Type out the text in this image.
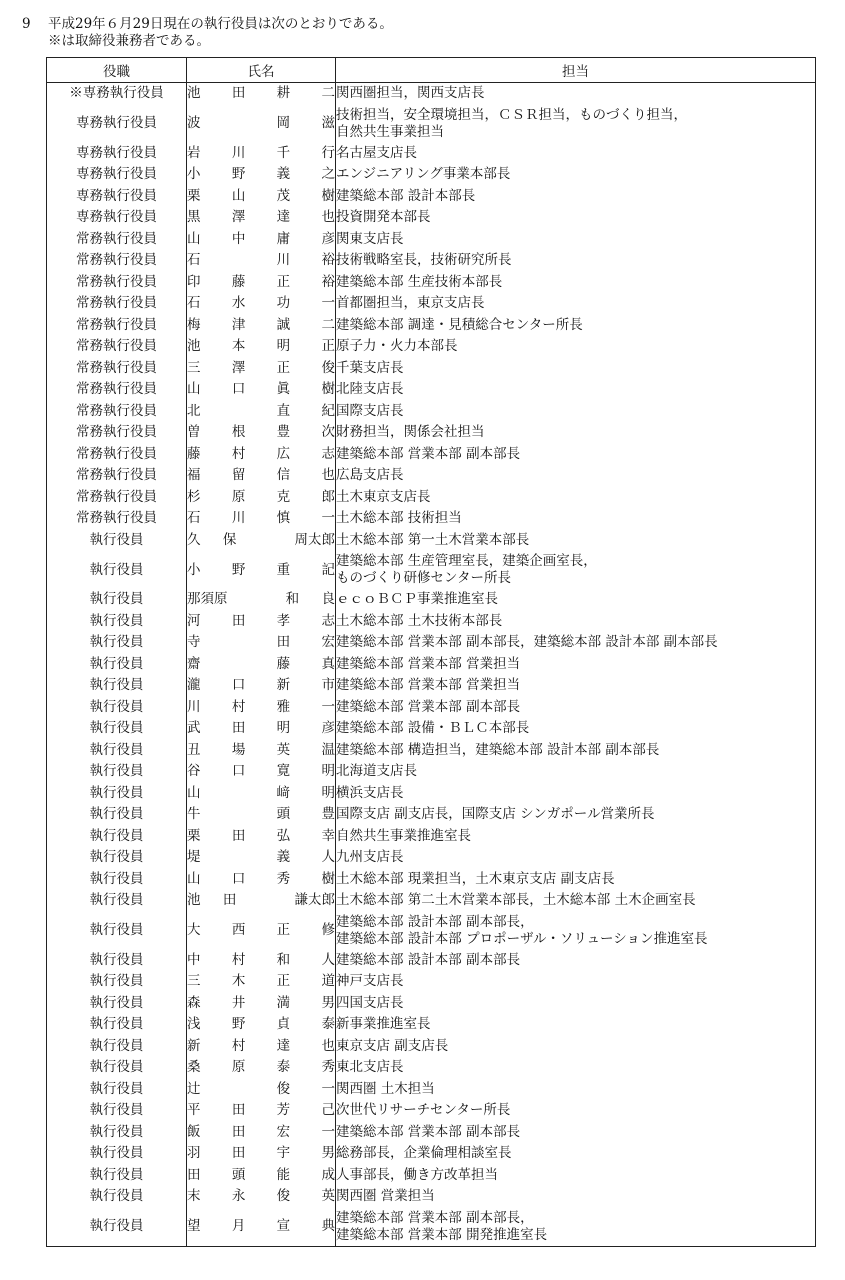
9 平成29年６月29日現在の執行役員は次のとおりである。
※は取締役兼務者である。
役職	氏名	担当
※専務執行役員	池 田 耕 二	関西圏担当，関西支店長
専務執行役員	波 岡 滋	技術担当，安全環境担当，ＣＳＲ担当，ものづくり担当，
自然共生事業担当
専務執行役員	岩 川 千 行	名古屋支店長
専務執行役員	小 野 義 之	エンジニアリング事業本部長
専務執行役員	栗 山 茂 樹	建築総本部 設計本部長
専務執行役員	黒 澤 達 也	投資開発本部長
常務執行役員	山 中 庸 彦	関東支店長
常務執行役員	石 川 裕	技術戦略室長，技術研究所長
常務執行役員	印 藤 正 裕	建築総本部 生産技術本部長
常務執行役員	石 水 功 一	首都圏担当，東京支店長
常務執行役員	梅 津 誠 二	建築総本部 調達・見積総合センター所長
常務執行役員	池 本 明 正	原子力・火力本部長
常務執行役員	三 澤 正 俊	千葉支店長
常務執行役員	山 口 眞 樹	北陸支店長
常務執行役員	北 直 紀	国際支店長
常務執行役員	曽 根 豊 次	財務担当，関係会社担当
常務執行役員	藤 村 広 志	建築総本部 営業本部 副本部長
常務執行役員	福 留 信 也	広島支店長
常務執行役員	杉 原 克 郎	土木東京支店長
常務執行役員	石 川 慎 一	土木総本部 技術担当
執行役員	久 保 周太郎	土木総本部 第一土木営業本部長
執行役員	小 野 重 記	建築総本部 生産管理室長，建築企画室長，
ものづくり研修センター所長
執行役員	那須原 和 良	ｅｃｏＢＣＰ事業推進室長
執行役員	河 田 孝 志	土木総本部 土木技術本部長
執行役員	寺 田 宏	建築総本部 営業本部 副本部長，建築総本部 設計本部 副本部長
執行役員	齋 藤 真	建築総本部 営業本部 営業担当
執行役員	瀧 口 新 市	建築総本部 営業本部 営業担当
執行役員	川 村 雅 一	建築総本部 営業本部 副本部長
執行役員	武 田 明 彦	建築総本部 設備・ＢＬＣ本部長
執行役員	丑 場 英 温	建築総本部 構造担当，建築総本部 設計本部 副本部長
執行役員	谷 口 寛 明	北海道支店長
執行役員	山 﨑 明	横浜支店長
執行役員	牛 頭 豊	国際支店 副支店長，国際支店 シンガポール営業所長
執行役員	栗 田 弘 幸	自然共生事業推進室長
執行役員	堤 義 人	九州支店長
執行役員	山 口 秀 樹	土木総本部 現業担当，土木東京支店 副支店長
執行役員	池 田 謙太郎	土木総本部 第二土木営業本部長，土木総本部 土木企画室長
執行役員	大 西 正 修	建築総本部 設計本部 副本部長，
建築総本部 設計本部 プロポーザル・ソリューション推進室長
執行役員	中 村 和 人	建築総本部 設計本部 副本部長
執行役員	三 木 正 道	神戸支店長
執行役員	森 井 満 男	四国支店長
執行役員	浅 野 貞 泰	新事業推進室長
執行役員	新 村 達 也	東京支店 副支店長
執行役員	桑 原 泰 秀	東北支店長
執行役員	辻 俊 一	関西圏 土木担当
執行役員	平 田 芳 己	次世代リサーチセンター所長
執行役員	飯 田 宏 一	建築総本部 営業本部 副本部長
執行役員	羽 田 宇 男	総務部長，企業倫理相談室長
執行役員	田 頭 能 成	人事部長，働き方改革担当
執行役員	末 永 俊 英	関西圏 営業担当
執行役員	望 月 宣 典	建築総本部 営業本部 副本部長，
建築総本部 営業本部 開発推進室長
